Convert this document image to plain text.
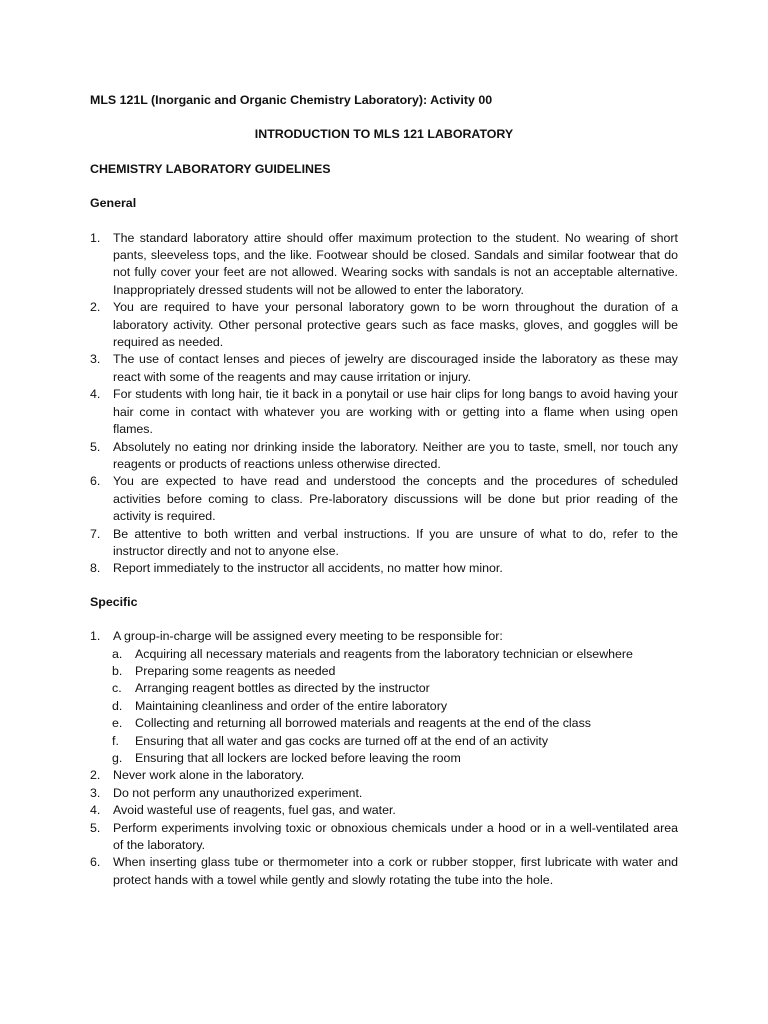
MLS 121L (Inorganic and Organic Chemistry Laboratory): Activity 00
INTRODUCTION TO MLS 121 LABORATORY
CHEMISTRY LABORATORY GUIDELINES
General
1.	The standard laboratory attire should offer maximum protection to the student. No wearing of short pants, sleeveless tops, and the like. Footwear should be closed. Sandals and similar footwear that do not fully cover your feet are not allowed. Wearing socks with sandals is not an acceptable alternative. Inappropriately dressed students will not be allowed to enter the laboratory.
2.	You are required to have your personal laboratory gown to be worn throughout the duration of a laboratory activity. Other personal protective gears such as face masks, gloves, and goggles will be required as needed.
3.	The use of contact lenses and pieces of jewelry are discouraged inside the laboratory as these may react with some of the reagents and may cause irritation or injury.
4.	For students with long hair, tie it back in a ponytail or use hair clips for long bangs to avoid having your hair come in contact with whatever you are working with or getting into a flame when using open flames.
5.	Absolutely no eating nor drinking inside the laboratory. Neither are you to taste, smell, nor touch any reagents or products of reactions unless otherwise directed.
6.	You are expected to have read and understood the concepts and the procedures of scheduled activities before coming to class. Pre-laboratory discussions will be done but prior reading of the activity is required.
7.	Be attentive to both written and verbal instructions. If you are unsure of what to do, refer to the instructor directly and not to anyone else.
8.	Report immediately to the instructor all accidents, no matter how minor.
Specific
1.	A group-in-charge will be assigned every meeting to be responsible for:
a.	Acquiring all necessary materials and reagents from the laboratory technician or elsewhere
b.	Preparing some reagents as needed
c.	Arranging reagent bottles as directed by the instructor
d.	Maintaining cleanliness and order of the entire laboratory
e.	Collecting and returning all borrowed materials and reagents at the end of the class
f.	Ensuring that all water and gas cocks are turned off at the end of an activity
g.	Ensuring that all lockers are locked before leaving the room
2.	Never work alone in the laboratory.
3.	Do not perform any unauthorized experiment.
4.	Avoid wasteful use of reagents, fuel gas, and water.
5.	Perform experiments involving toxic or obnoxious chemicals under a hood or in a well-ventilated area of the laboratory.
6.	When inserting glass tube or thermometer into a cork or rubber stopper, first lubricate with water and protect hands with a towel while gently and slowly rotating the tube into the hole.
